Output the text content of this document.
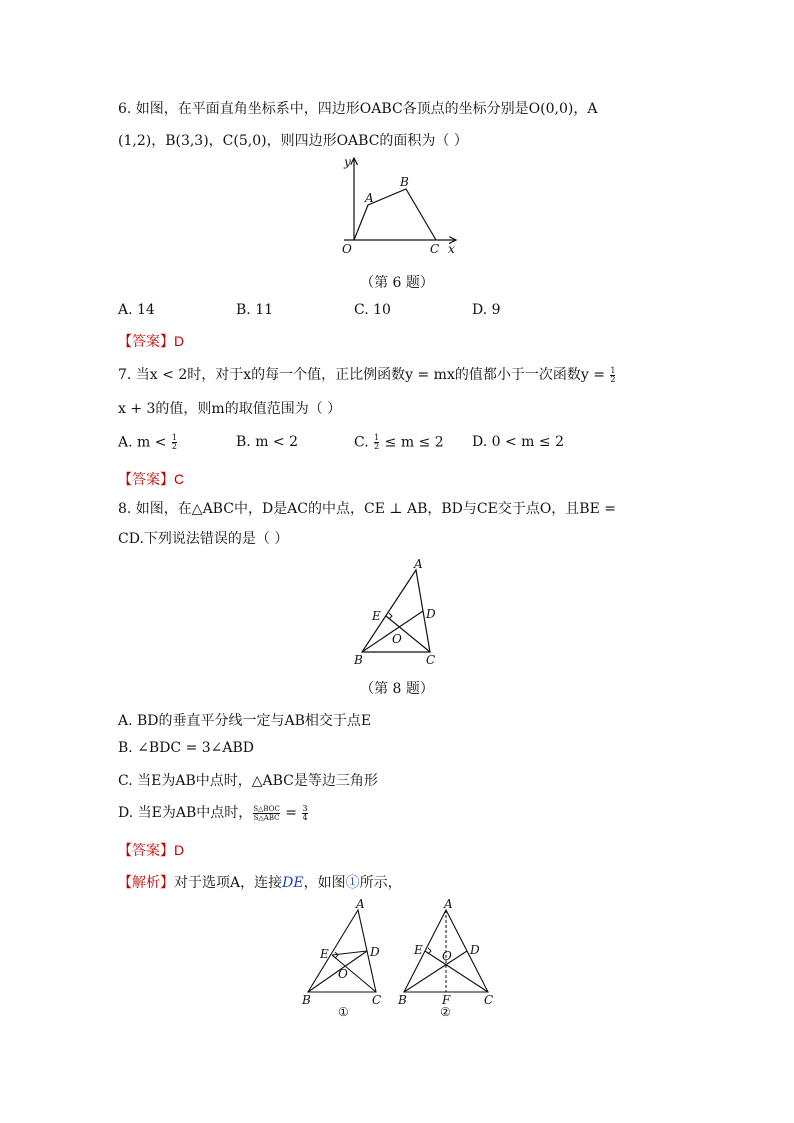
6. 如图，在平面直角坐标系中，四边形OABC各顶点的坐标分别是O(0,0)，A
(1,2)，B(3,3)，C(5,0)，则四边形OABC的面积为（ ）
y
x
O
A
B
C
（第 6 题）
A. 14	B. 11	C. 10	D. 9
【答案】D
7. 当x < 2时，对于x的每一个值，正比例函数y = mx的值都小于一次函数$y = \frac{1}{2}$
x + 3的值，则m的取值范围为（ ）
A. $m < \frac{1}{2}$	B. m < 2	C. $\frac{1}{2} \le m \le 2$ D. 0 < m ≤ 2
【答案】C
8. 如图，在△ABC中，D是AC的中点，CE ⊥ AB，BD与CE交于点O，且BE =
CD.下列说法错误的是（ ）
A
B	C
D
E
O
（第 8 题）
A. BD的垂直平分线一定与AB相交于点E
B. ∠BDC = 3∠ABD
C. 当E为AB中点时，△ABC是等边三角形
D. 当E为AB中点时， $\frac{\text{S△BOC}}{\text{S△ABC}} = \frac{3}{4}$
【答案】D
【解析】对于选项A，连接DE，如图①所示，
A
B	C
D
E
O
①
A
B	C
D
E
F
O
②
